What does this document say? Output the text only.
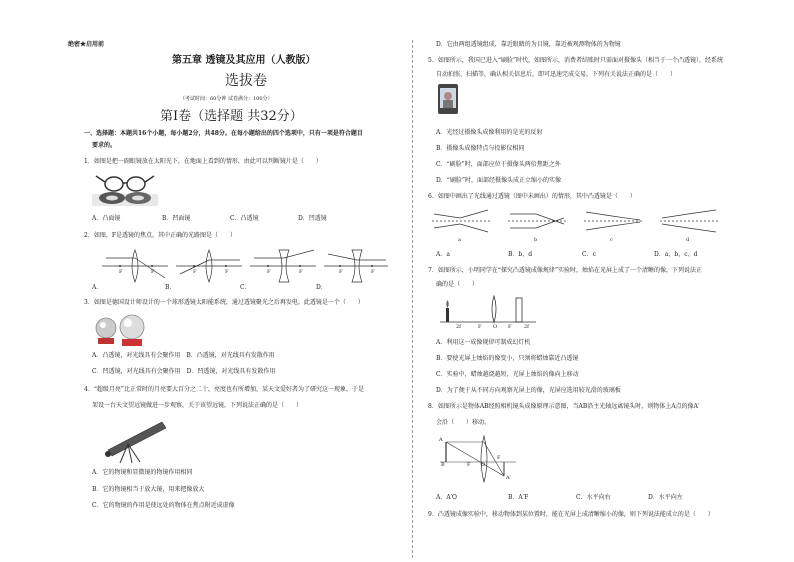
绝密★启用前
第五章 透镜及其应用（人教版）
选拔卷
（考试时间：60分钟 试卷满分：100分）
第Ⅰ卷（选择题 共32分）
一、选择题：本题共16个小题，每小题2分，共48分。在每小题给出的四个选项中，只有一项是符合题目
要求的。
1．如图是把一副眼镜放在太阳光下，在地面上看到的情形，由此可以判断镜片是（　　）
A．凸面镜	B．凹面镜	C．凸透镜	D．凹透镜
2．如图，F是透镜的焦点，其中正确的光路图是（　　）
F	F	F	F	F	F	F	F
A．	B．	C．	D．
3．如图是德国设计师设计的一个球形透镜太阳能系统，通过透镜聚光之后再发电。此透镜是一个（　　）
A．凸透镜，对光线具有会聚作用　B．凸透镜，对光线具有发散作用
C．凹透镜，对光线具有会聚作用　D．凹透镜，对光线具有发散作用
4．“超级月亮”比正常时的月亮要大百分之二十，亮度也有所增加，某天文爱好者为了研究这一现象，于是
架设一台天文望远镜做进一步观察，关于该望远镜，下列说法正确的是（　　）
A．它的物镜和显微镜的物镜作用相同
B．它的物镜相当于放大镜，用来把像放大
C．它的物镜的作用是使远处的物体在焦点附近成虚像
D．它由两组透镜组成，靠近眼睛的为目镜，靠近被观测物体的为物镜
5．如图所示，我国已进入“刷脸”时代，如图所示，消费者结账时只需面对摄像头（相当于一个凸透镜），经系统
自动拍照、扫描等，确认相关信息后，即可迅速完成交易，下列有关说法正确的是（　　）
A．光经过摄像头成像利用的是光的反射
B．摄像头成像特点与投影仪相同
C．“刷脸”时，面部应位于摄像头两倍焦距之外
D．“刷脸”时，面部经摄像头成正立缩小的实像
6．如图中画出了光线通过透镜（图中未画出）的情形，其中凸透镜是（　　）
a	b	c	d
A．a	B．b、d	C．c	D．a、b、c、d
7．如图所示，小明同学在“探究凸透镜成像规律”实验时，烛焰在光屏上成了一个清晰的像，下列说法正
确的是（　　）
2f	F O F	2f
A．利用这一成像规律可制成幻灯机
B．要使光屏上烛焰的像变小，只须将蜡烛靠近凸透镜
C．实验中，蜡烛越烧越短，光屏上烛焰的像向上移动
D．为了便于从不同方向观察光屏上的像，光屏应选用较光滑的玻璃板
8．如图所示是物体AB经照相机镜头成像原理示意图，当AB沿主光轴远离镜头时，则物体上A点的像A′
会沿（　　）移动。
A
B	F O
F
A′
A．A′O	B．A′F	C．水平向右	D．水平向左
9．凸透镜成像实验中，移动物体到某位置时，能在光屏上成清晰缩小的像，则下列说法能成立的是（　　）
